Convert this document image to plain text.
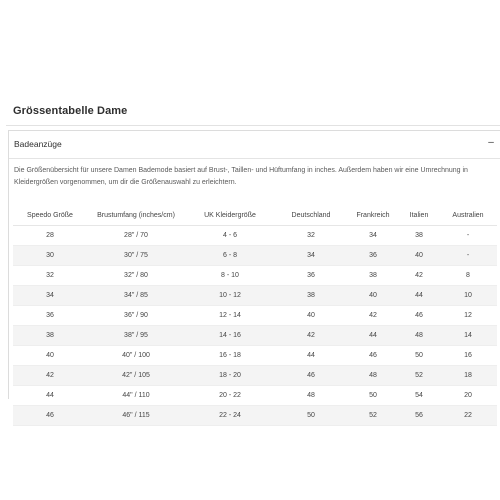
Grössentabelle Dame
Badeanzüge	–
Die Größenübersicht für unsere Damen Bademode basiert auf Brust-, Taillen- und Hüftumfang in inches. Außerdem haben wir eine Umrechnung in Kleidergrößen vorgenommen, um dir die Größenauswahl zu erleichtern.
Speedo Größe	Brustumfang (inches/cm)	UK Kleidergröße	Deutschland	Frankreich	Italien	Australien
28	28" / 70	4 - 6	32	34	38	-
30	30" / 75	6 - 8	34	36	40	-
32	32" / 80	8 - 10	36	38	42	8
34	34" / 85	10 - 12	38	40	44	10
36	36" / 90	12 - 14	40	42	46	12
38	38" / 95	14 - 16	42	44	48	14
40	40" / 100	16 - 18	44	46	50	16
42	42" / 105	18 - 20	46	48	52	18
44	44" / 110	20 - 22	48	50	54	20
46	46" / 115	22 - 24	50	52	56	22
